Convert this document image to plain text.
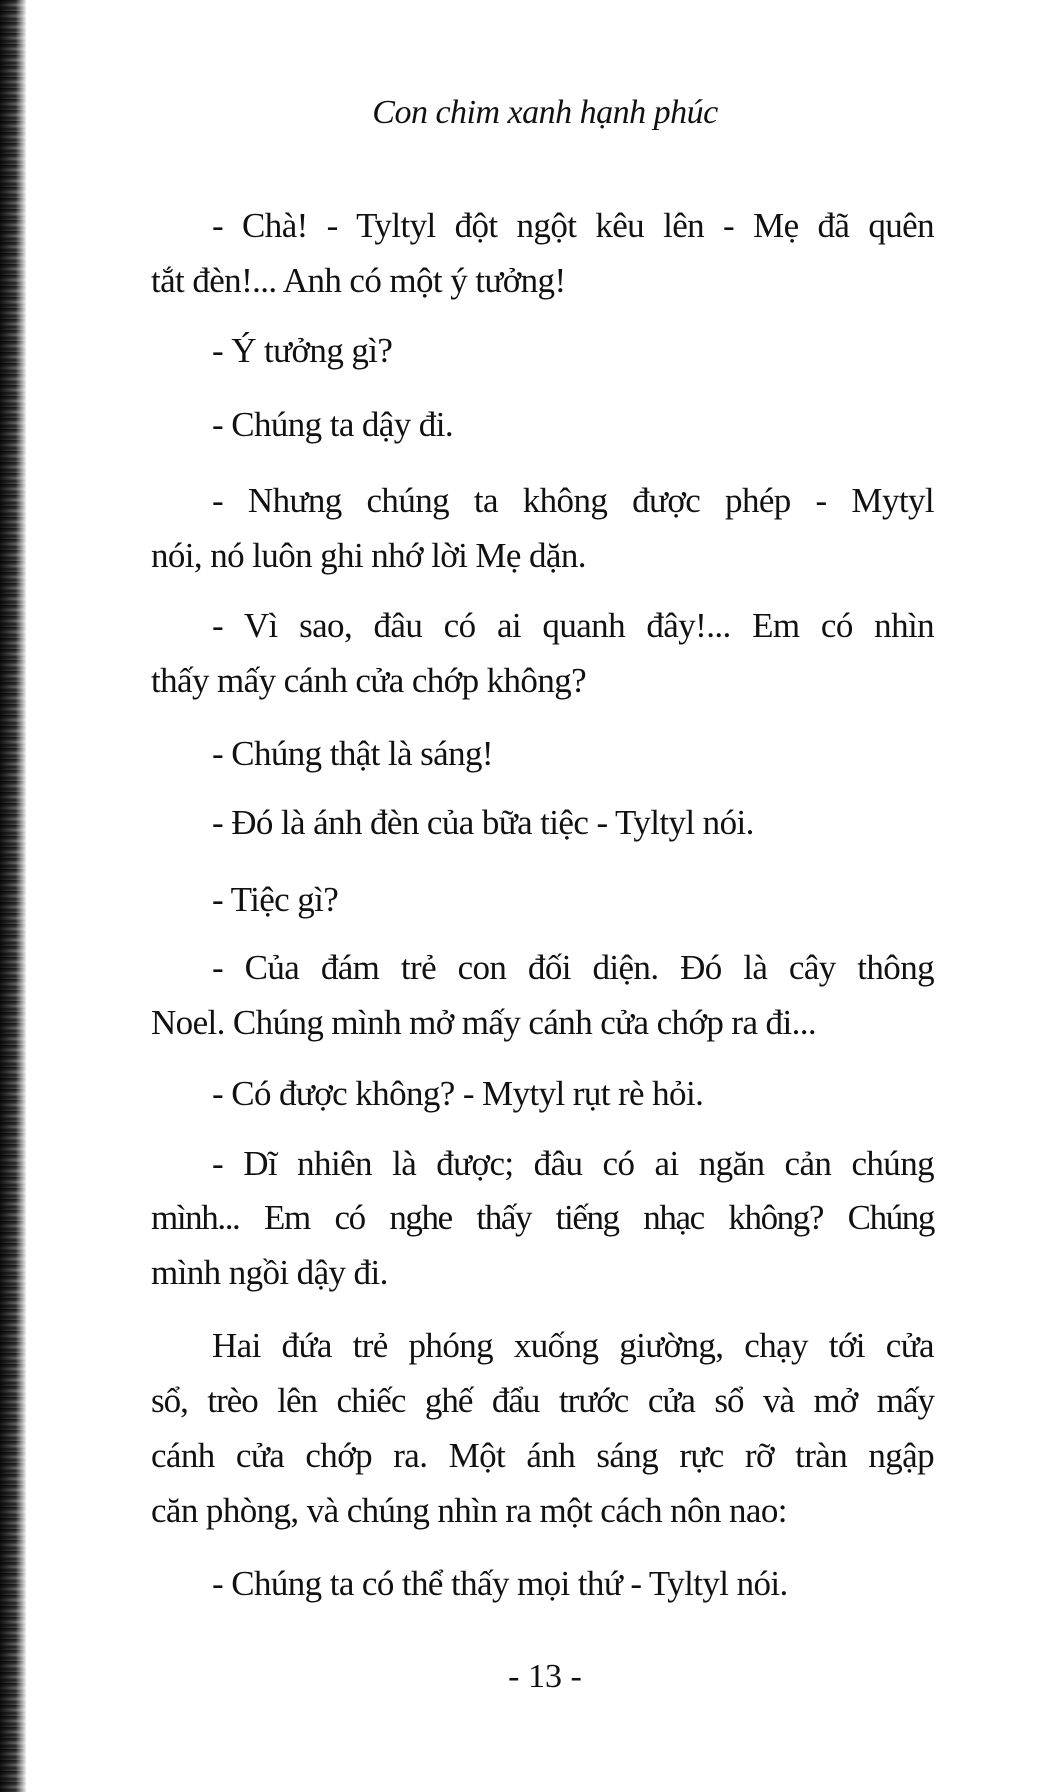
Con chim xanh hạnh phúc
- Chà! - Tyltyl đột ngột kêu lên - Mẹ đã quên
tắt đèn!... Anh có một ý tưởng!
- Ý tưởng gì?
- Chúng ta dậy đi.
- Nhưng chúng ta không được phép - Mytyl
nói, nó luôn ghi nhớ lời Mẹ dặn.
- Vì sao, đâu có ai quanh đây!... Em có nhìn
thấy mấy cánh cửa chớp không?
- Chúng thật là sáng!
- Đó là ánh đèn của bữa tiệc - Tyltyl nói.
- Tiệc gì?
- Của đám trẻ con đối diện. Đó là cây thông
Noel. Chúng mình mở mấy cánh cửa chớp ra đi...
- Có được không? - Mytyl rụt rè hỏi.
- Dĩ nhiên là được; đâu có ai ngăn cản chúng
mình... Em có nghe thấy tiếng nhạc không? Chúng
mình ngồi dậy đi.
Hai đứa trẻ phóng xuống giường, chạy tới cửa
sổ, trèo lên chiếc ghế đẩu trước cửa sổ và mở mấy
cánh cửa chớp ra. Một ánh sáng rực rỡ tràn ngập
căn phòng, và chúng nhìn ra một cách nôn nao:
- Chúng ta có thể thấy mọi thứ - Tyltyl nói.
- 13 -
